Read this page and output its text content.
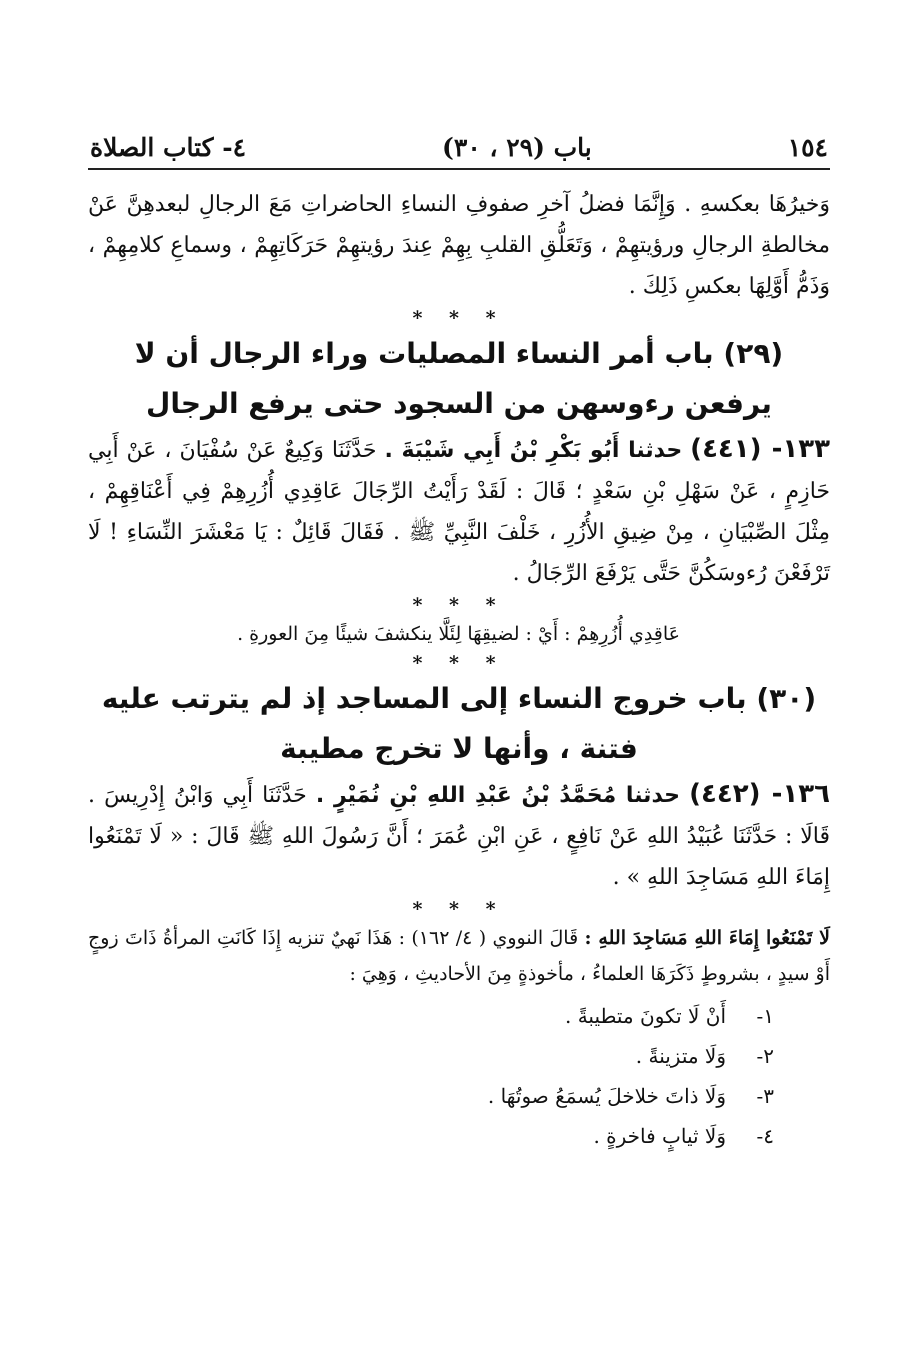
١٥٤
باب (٢٩ ، ٣٠)
٤- كتاب الصلاة

وَخيرُهَا بعكسهِ . وَإِنَّمَا فضلُ آخرِ صفوفِ النساءِ الحاضراتِ مَعَ الرجالِ لبعدهِنَّ عَنْ مخالطةِ الرجالِ ورؤيتهِمْ ، وَتَعَلُّقِ القلبِ بِهِمْ عِندَ رؤيتهِمْ حَرَكَاتِهِمْ ، وسماعِ كلامِهِمْ ، وَذَمُّ أَوَّلِهَا بعكسِ ذَلِكَ .

* * *

(٢٩) باب أمر النساء المصليات وراء الرجال أن لا يرفعن رءوسهن من السجود حتى يرفع الرجال

١٣٣- (٤٤١) حدثنا أَبُو بَكْرِ بْنُ أَبِي شَيْبَةَ . حَدَّثَنَا وَكِيعٌ عَنْ سُفْيَانَ ، عَنْ أَبِي حَازِمٍ ، عَنْ سَهْلِ بْنِ سَعْدٍ ؛ قَالَ : لَقَدْ رَأَيْتُ الرِّجَالَ عَاقِدِي أُزُرِهِمْ فِي أَعْنَاقِهِمْ ، مِثْلَ الصِّبْيَانِ ، مِنْ ضِيقِ الأُزُرِ ، خَلْفَ النَّبِيِّ ﷺ . فَقَالَ قَائِلٌ : يَا مَعْشَرَ النِّسَاءِ ! لَا تَرْفَعْنَ رُءوسَكُنَّ حَتَّى يَرْفَعَ الرِّجَالُ .

* * *

عَاقِدِي أُزُرِهِمْ : أَيْ : لضيقِهَا لِئَلَّا ينكشفَ شيئًا مِنَ العورةِ .

* * *

(٣٠) باب خروج النساء إلى المساجد إذ لم يترتب عليه فتنة ، وأنها لا تخرج مطيبة

١٣٦- (٤٤٢) حدثنا مُحَمَّدُ بْنُ عَبْدِ اللهِ بْنِ نُمَيْرٍ . حَدَّثَنَا أَبِي وَابْنُ إِدْرِيسَ . قَالَا : حَدَّثَنَا عُبَيْدُ اللهِ عَنْ نَافِعٍ ، عَنِ ابْنِ عُمَرَ ؛ أَنَّ رَسُولَ اللهِ ﷺ قَالَ : « لَا تَمْنَعُوا إِمَاءَ اللهِ مَسَاجِدَ اللهِ » .

* * *

لَا تَمْنَعُوا إِمَاءَ اللهِ مَسَاجِدَ اللهِ : قَالَ النووي ( ٤/ ١٦٢) : هَذَا نَهيٌ تنزيه إِذَا كَانَتِ المرأةُ ذَاتَ زوجٍ أَوْ سيدٍ ، بشروطٍ ذَكَرَهَا العلماءُ ، مأخوذةٍ مِنَ الأحاديثِ ، وَهِيَ :

١-
أَنْ لَا تكونَ متطيبةً .
٢-
وَلَا متزينةً .
٣-
وَلَا ذاتَ خلاخلَ يُسمَعُ صوتُهَا .
٤-
وَلَا ثيابٍ فاخرةٍ .
